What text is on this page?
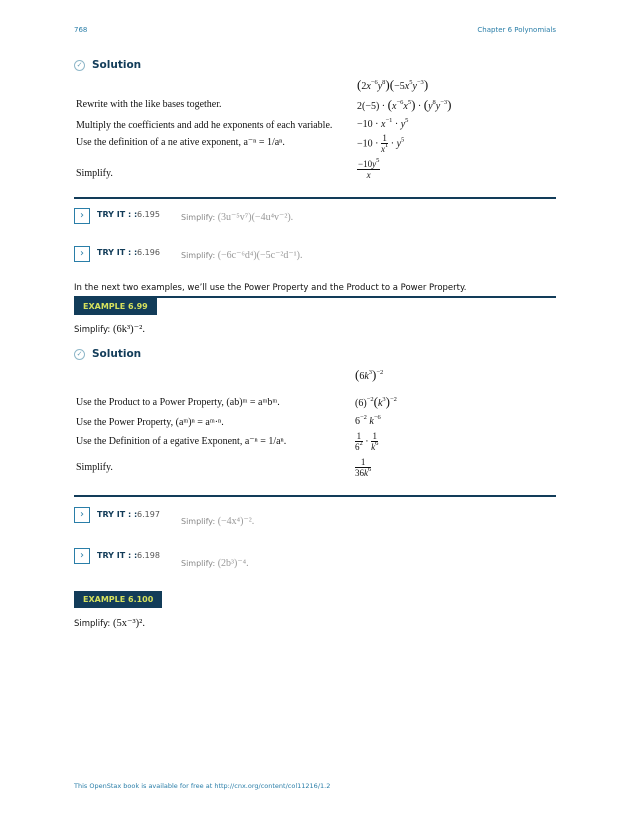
768	Chapter 6 Polynomials
✓ Solution
$(2x^{-6}y^8)(-5x^5y^{-3})$
Rewrite with the like bases together.	$2(-5) \cdot (x^{-6}x^5) \cdot (y^8y^{-3})$
Multiply the coefficients and add he exponents of each variable. $-10 \cdot x^{-1} \cdot y^5$
Use the definition of a ne ative exponent, a⁻ⁿ = 1/aⁿ.	$-10 \cdot \frac{1}{x^1} \cdot y^5$
Simplify.	$\frac{-10y^5}{x}$
›	TRY IT : : 6.195	Simplify: (3u⁻⁵v⁷)(−4u⁴v⁻²).
›	TRY IT : : 6.196	Simplify: (−6c⁻⁶d⁴)(−5c⁻²d⁻¹).
In the next two examples, we’ll use the Power Property and the Product to a Power Property.
EXAMPLE 6.99
Simplify: (6k³)⁻².
✓ Solution
$(6k^3)^{-2}$
Use the Product to a Power Property, (ab)ᵐ = aᵐbᵐ.	$(6)^{-2}(k^3)^{-2}$
Use the Power Property, (aᵐ)ⁿ = aᵐ·ⁿ.	$6^{-2}$ $k^{-6}$
Use the Definition of a egative Exponent, a⁻ⁿ = 1/aⁿ.	$\frac{1}{6^2} \cdot \frac{1}{k^6}$
Simplify.	$\frac{1}{36k^6}$
›	TRY IT : : 6.197
Simplify: (−4x⁴)⁻².
›	TRY IT : : 6.198
Simplify: (2b³)⁻⁴.
EXAMPLE 6.100
Simplify: (5x⁻³)².
This OpenStax book is available for free at http://cnx.org/content/col11216/1.2
